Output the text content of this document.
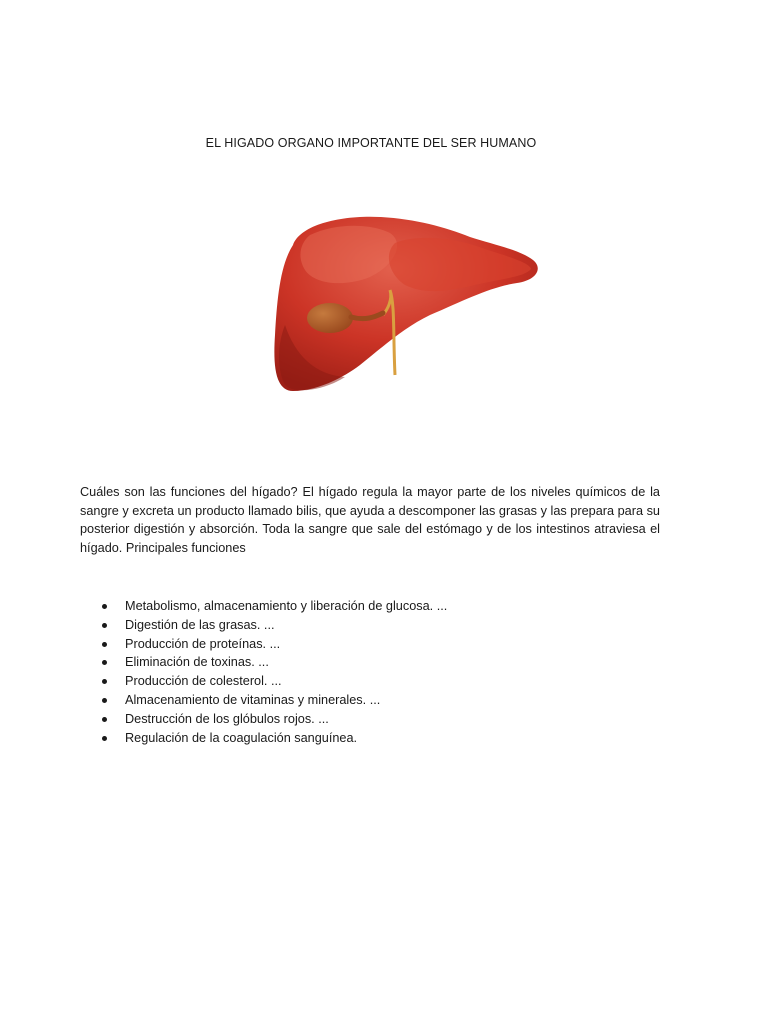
EL HIGADO ORGANO IMPORTANTE DEL SER HUMANO

Cuáles son las funciones del hígado? El hígado regula la mayor parte de los niveles químicos de la sangre y excreta un producto llamado bilis, que ayuda a descomponer las grasas y las prepara para su posterior digestión y absorción. Toda la sangre que sale del estómago y de los intestinos atraviesa el hígado. Principales funciones

Metabolismo, almacenamiento y liberación de glucosa. ...
Digestión de las grasas. ...
Producción de proteínas. ...
Eliminación de toxinas. ...
Producción de colesterol. ...
Almacenamiento de vitaminas y minerales. ...
Destrucción de los glóbulos rojos. ...
Regulación de la coagulación sanguínea.
